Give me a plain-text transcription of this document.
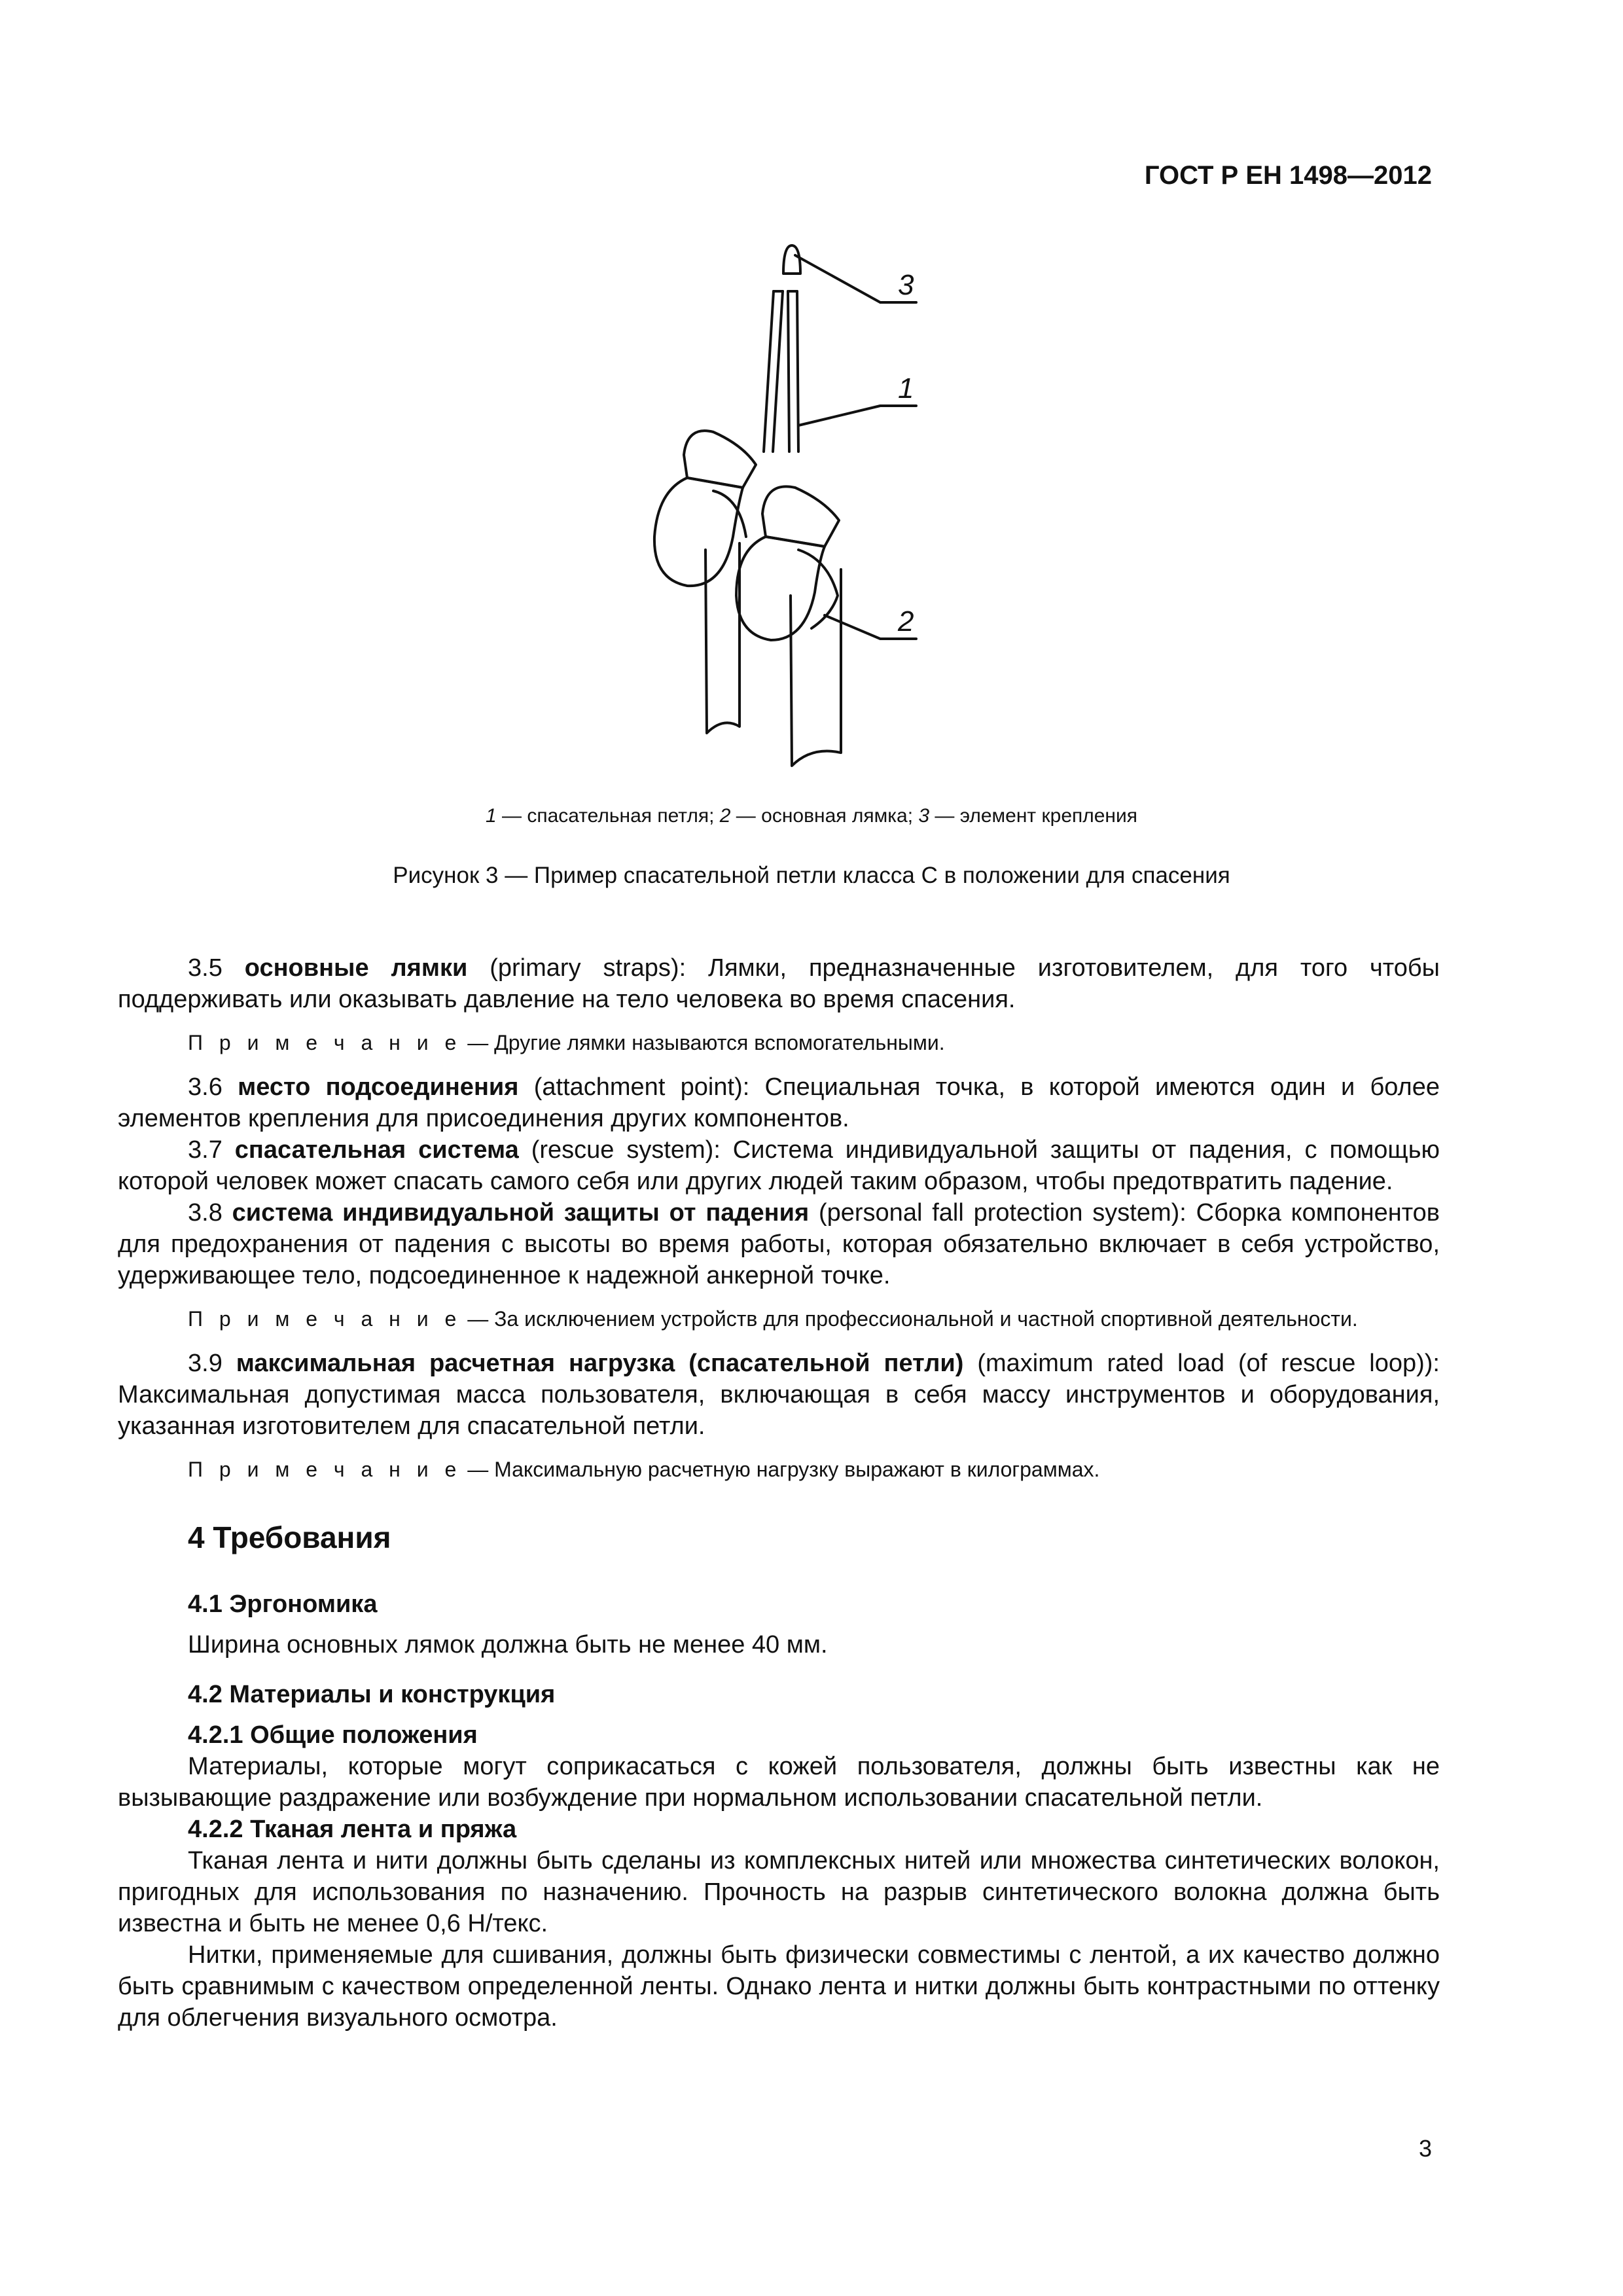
ГОСТ Р ЕН 1498—2012
3
1
2
1 — спасательная петля; 2 — основная лямка; 3 — элемент крепления
Рисунок 3 — Пример спасательной петли класса С в положении для спасения

3.5 основные лямки (primary straps): Лямки, предназначенные изготовителем, для того чтобы поддерживать или оказывать давление на тело человека во время спасения.

П р и м е ч а н и е — Другие лямки называются вспомогательными.

3.6 место подсоединения (attachment point): Специальная точка, в которой имеются один и более элементов крепления для присоединения других компонентов.

3.7 спасательная система (rescue system): Система индивидуальной защиты от падения, с помощью которой человек может спасать самого себя или других людей таким образом, чтобы предотвратить падение.

3.8 система индивидуальной защиты от падения (personal fall protection system): Сборка компонентов для предохранения от падения с высоты во время работы, которая обязательно включает в себя устройство, удерживающее тело, подсоединенное к надежной анкерной точке.

П р и м е ч а н и е — За исключением устройств для профессиональной и частной спортивной деятельности.

3.9 максимальная расчетная нагрузка (спасательной петли) (maximum rated load (of rescue loop)): Максимальная допустимая масса пользователя, включающая в себя массу инструментов и оборудования, указанная изготовителем для спасательной петли.

П р и м е ч а н и е — Максимальную расчетную нагрузку выражают в килограммах.
4 Требования
4.1 Эргономика

Ширина основных лямок должна быть не менее 40 мм.

4.2 Материалы и конструкция
4.2.1 Общие положения

Материалы, которые могут соприкасаться с кожей пользователя, должны быть известны как не вызывающие раздражение или возбуждение при нормальном использовании спасательной петли.

4.2.2 Тканая лента и пряжа

Тканая лента и нити должны быть сделаны из комплексных нитей или множества синтетических волокон, пригодных для использования по назначению. Прочность на разрыв синтетического волокна должна быть известна и быть не менее 0,6 Н/текс.

Нитки, применяемые для сшивания, должны быть физически совместимы с лентой, а их качество должно быть сравнимым с качеством определенной ленты. Однако лента и нитки должны быть контрастными по оттенку для облегчения визуального осмотра.

3
